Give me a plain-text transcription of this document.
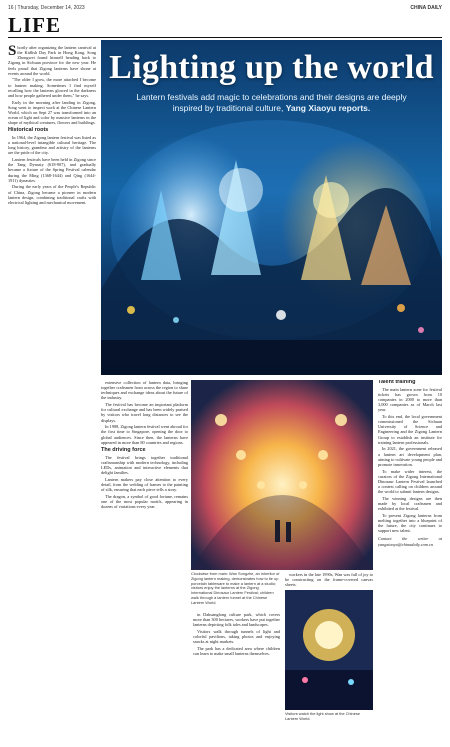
16 | Thursday, December 14, 2023	CHINA DAILY
LIFE

Shortly after organizing the lantern carnival at the Kidlish Day Park in Hong Kong, Song Zhongwei found himself heading back to Zigong in Sichuan province for the new year. He feels proud that Zigong lanterns have shone at events around the world.

"The older I grow, the more attached I become to lantern making. Sometimes I find myself recalling how the lanterns glowed in the darkness and how people gathered under them," he says.

Early in the morning after landing in Zigong, Song went to inspect work at the Chinese Lantern World, which on Sept 27 was transformed into an ocean of light and color by massive lanterns in the shape of mythical creatures, flowers and buildings.

Historical roots

In 1964, the Zigong lantern festival was listed as a national-level intangible cultural heritage. The long history, grandeur and artistry of the lanterns are the pride of the city.

Lantern festivals have been held in Zigong since the Tang Dynasty (618-907), and gradually became a fixture of the Spring Festival calendar during the Ming (1368-1644) and Qing (1644-1911) dynasties.

During the early years of the People's Republic of China, Zigong became a pioneer in modern lantern design, combining traditional crafts with electrical lighting and mechanical movement.

Lighting up the world
Lantern festivals add magic to celebrations and their designs are deeply inspired by traditional culture, Yang Xiaoyu reports.

extensive collection of lantern data, bringing together craftsmen from across the region to share techniques and exchange ideas about the future of the industry.

The festival has become an important platform for cultural exchange and has been widely praised by visitors who travel long distances to see the displays.

In 1988, Zigong lantern festival went abroad for the first time to Singapore, opening the door to global audiences. Since then, the lanterns have appeared in more than 80 countries and regions.

The driving force

The festival brings together traditional craftsmanship with modern technology, including LEDs, animation and interactive elements that delight families.

Lantern makers pay close attention to every detail, from the welding of frames to the painting of silk, ensuring that each piece tells a story.

The dragon, a symbol of good fortune, remains one of the most popular motifs, appearing in dozens of variations every year.

Clockwise from main: Wan Songzhe, an inheritor of Zigong lantern making, demonstrates how to tie up porcelain tableware to make a lantern at a studio; visitors enjoy the lanterns at the Zigong International Dinosaur Lantern Festival; children walk through a lantern tunnel at the Chinese Lantern World.

in Dahuanglong culture park, which covers more than 300 hectares, workers have put together lanterns depicting folk tales and landscapes.

Visitors walk through tunnels of light and colorful pavilions, taking photos and enjoying snacks at night markets.

The park has a dedicated area where children can learn to make small lanterns themselves.

workers in the late 1990s, Wan was full of joy to be constructing on the frame-covered canvas sheets.

Visitors watch the light show at the Chinese Lantern World.
Talent training

The main lantern zone for festival tickets has grown from 10 companies in 2000 to more than 3,000 companies as of March last year.

To this end, the local government commissioned the Sichuan University of Science and Engineering and the Zigong Lantern Group to establish an institute for training lantern professionals.

In 2021, the government released a lantern art development plan, aiming to cultivate young people and promote innovation.

To make wider interest, the curators of the Zigong International Dinosaur Lantern Festival launched a contest calling on children around the world to submit lantern designs.

The winning designs are then made by local craftsmen and exhibited at the festival.

To present Zigong lanterns from melting together into a blueprint of the future, the city continues to support new talent.

Contact the writer at yangxiaoyu@chinadaily.com.cn
